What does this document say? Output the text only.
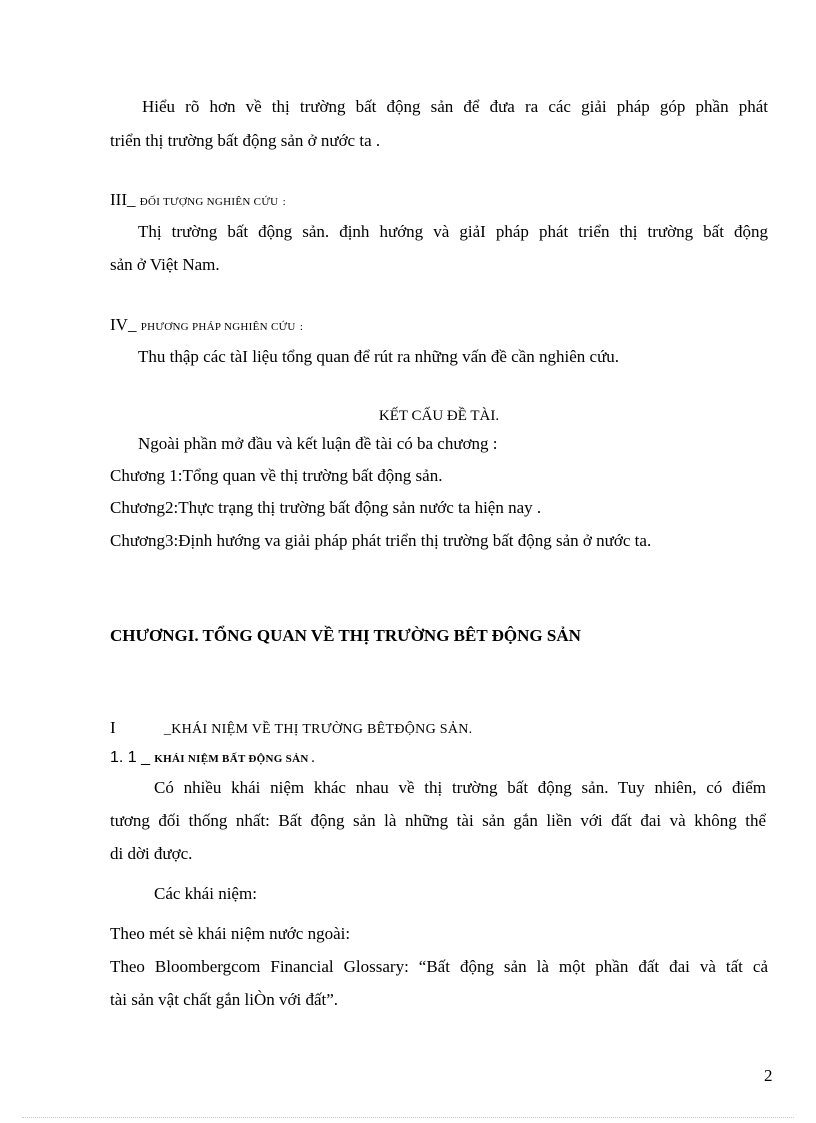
Hiểu rõ hơn về thị trường bất động sản để đưa ra các giải pháp góp phần phát
triển thị trường bất động sản ở nước ta .
III_ ĐỐI TƯỢNG NGHIÊN CỨU :
Thị trường bất động sản. định hướng và giảI pháp phát triển thị trường bất động
sản ở Việt Nam.
IV_ PHƯƠNG PHÁP NGHIÊN CỨU :
Thu thập các tàI liệu tổng quan để rút ra những vấn đề cần nghiên cứu.
KẾT CẤU ĐỀ TÀI.
Ngoài phần mở đầu và kết luận đề tài có ba chương :
Chương 1:Tổng quan về thị trường bất động sản.
Chương2:Thực trạng thị trường bất động sản nước ta hiện nay .
Chương3:Định hướng va giải pháp phát triển thị trường bất động sản ở nước ta.
CHƯƠNGI. TỔNG QUAN VỀ THỊ TRƯỜNG BÊT ĐỘNG SẢN
I	_KHÁI NIỆM VỀ THỊ TRƯỜNG BÊTĐỘNG SẢN.
1. 1 _ KHÁI NIỆM BẤT ĐỘNG SẢN .
Có nhiều khái niệm khác nhau về thị trường bất động sản. Tuy nhiên, có điểm
tương đối thống nhất: Bất động sản là những tài sản gắn liền với đất đai và không thể
di dời được.
Các khái niệm:
Theo mét sè khái niệm nước ngoài:
Theo Bloombergcom Financial Glossary: “Bất động sản là một phần đất đai và tất cả
tài sản vật chất gắn liÒn với đất”.
2
